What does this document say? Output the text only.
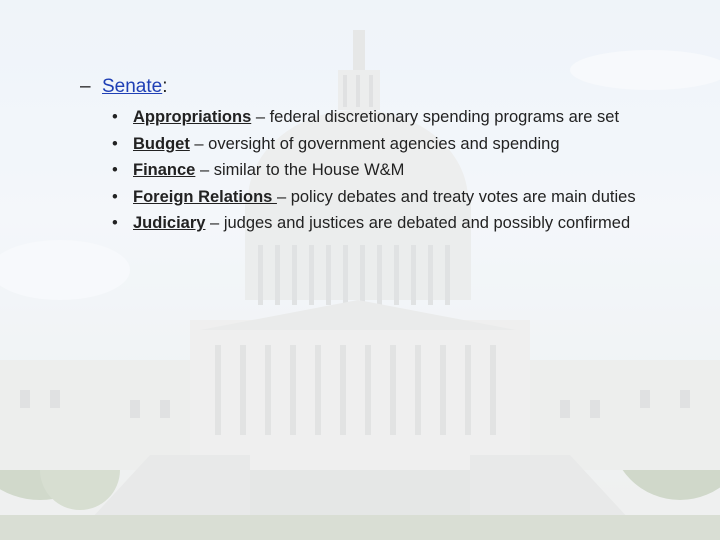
– Senate:
• Appropriations – federal discretionary spending programs are set
• Budget – oversight of government agencies and spending
• Finance – similar to the House W&M
• Foreign Relations – policy debates and treaty votes are main duties
• Judiciary – judges and justices are debated and possibly confirmed
